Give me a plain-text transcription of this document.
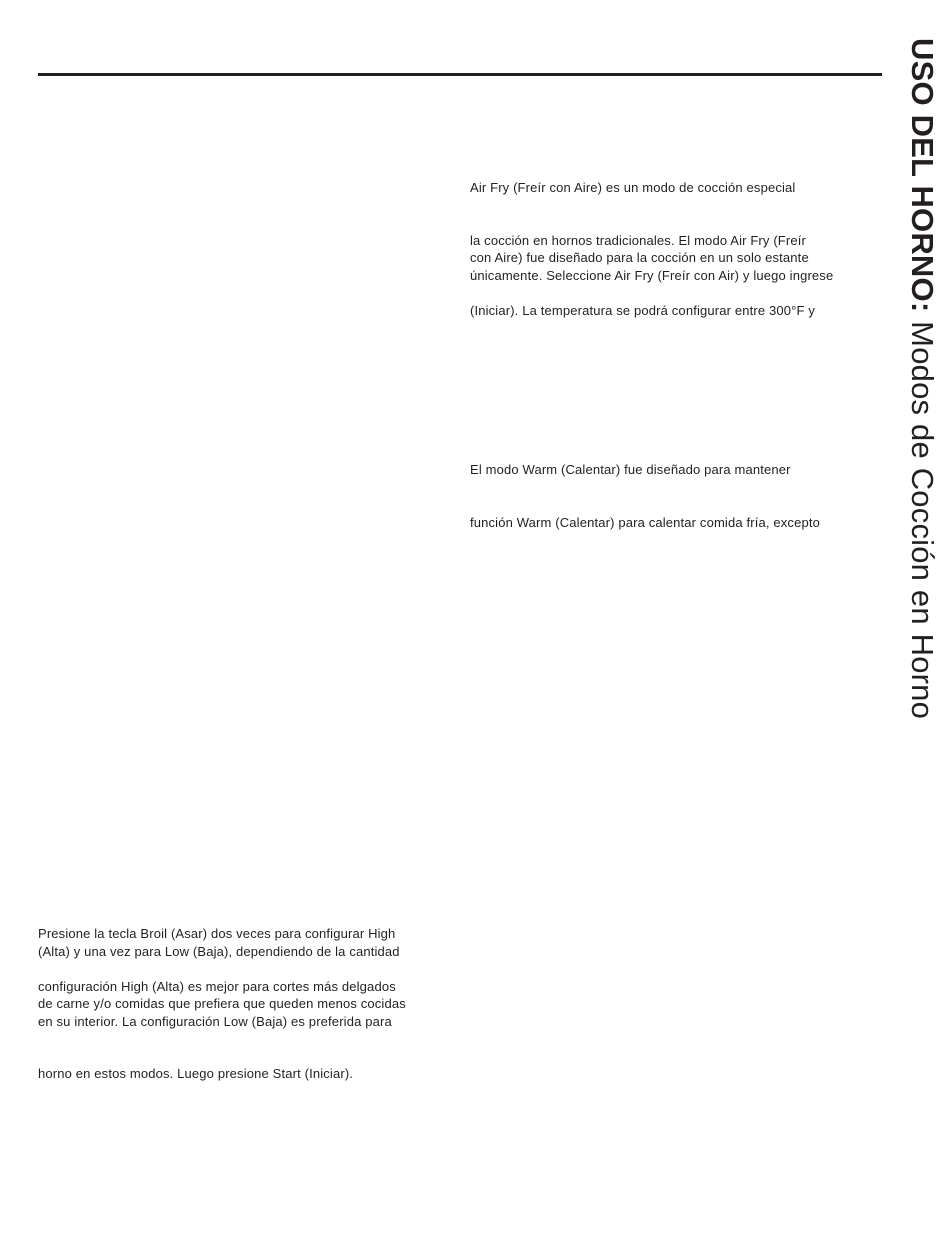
USO DEL HORNO: Modos de Cocción en Horno
Air Fry (Freír con Aire) es un modo de cocción especial
la cocción en hornos tradicionales. El modo Air Fry (Freír
con Aire) fue diseñado para la cocción en un solo estante
únicamente. Seleccione Air Fry (Freír con Air) y luego ingrese
(Iniciar). La temperatura se podrá configurar entre 300°F y
El modo Warm (Calentar) fue diseñado para mantener
función Warm (Calentar) para calentar comida fría, excepto
Presione la tecla Broil (Asar) dos veces para configurar High
(Alta) y una vez para Low (Baja), dependiendo de la cantidad
configuración High (Alta) es mejor para cortes más delgados
de carne y/o comidas que prefiera que queden menos cocidas
en su interior. La configuración Low (Baja) es preferida para
horno en estos modos. Luego presione Start (Iniciar).
